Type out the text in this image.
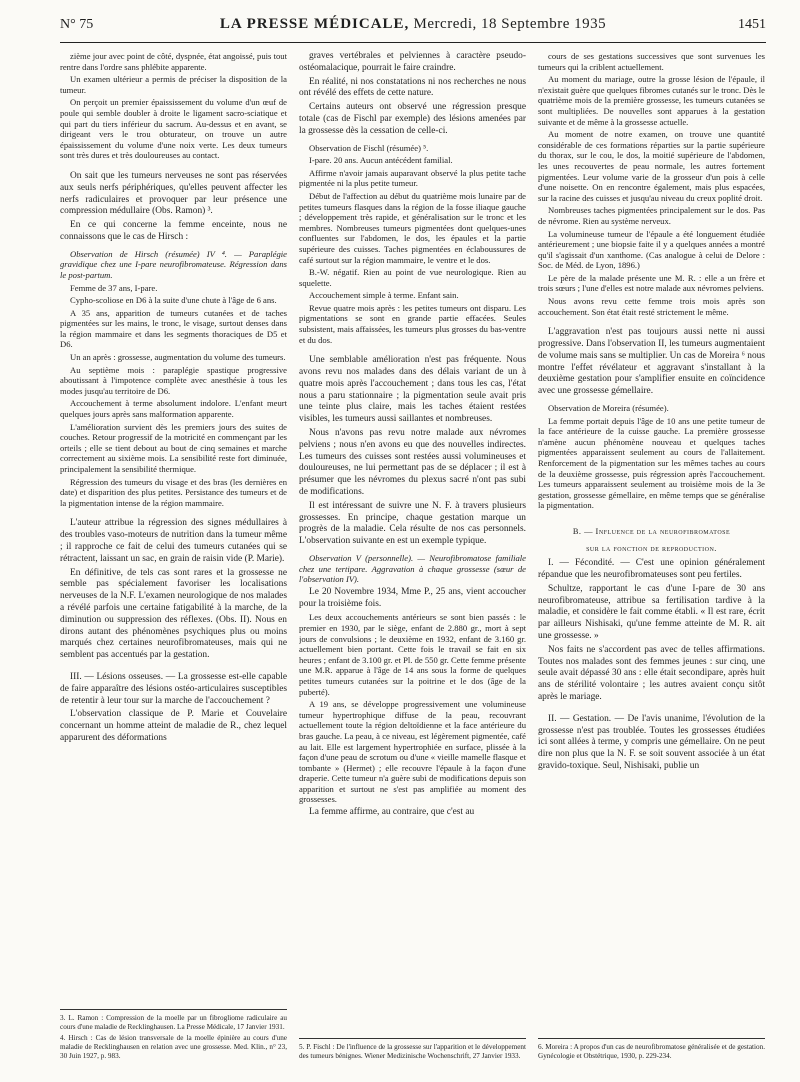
N° 75	LA PRESSE MÉDICALE, Mercredi, 18 Septembre 1935	1451

zième jour avec point de côté, dyspnée, état angoissé, puis tout rentre dans l'ordre sans phlébite apparente.

Un examen ultérieur a permis de préciser la disposition de la tumeur.

On perçoit un premier épaississement du volume d'un œuf de poule qui semble doubler à droite le ligament sacro-sciatique et qui part du tiers inférieur du sacrum. Au-dessus et en avant, se dirigeant vers le trou obturateur, on trouve un autre épaississement du volume d'une noix verte. Les deux tumeurs sont très dures et très douloureuses au contact.

On sait que les tumeurs nerveuses ne sont pas réservées aux seuls nerfs périphériques, qu'elles peuvent affecter les nerfs radiculaires et provoquer par leur présence une compression médullaire (Obs. Ramon) ³.

En ce qui concerne la femme enceinte, nous ne connaissons que le cas de Hirsch :

Observation de Hirsch (résumée) IV ⁴. — Paraplégie gravidique chez une I-pare neurofibromateuse. Régression dans le post-partum.

Femme de 37 ans, I-pare.

Cypho-scoliose en D6 à la suite d'une chute à l'âge de 6 ans.

A 35 ans, apparition de tumeurs cutanées et de taches pigmentées sur les mains, le tronc, le visage, surtout denses dans la région mammaire et dans les segments thoraciques de D5 et D6.

Un an après : grossesse, augmentation du volume des tumeurs.

Au septième mois : paraplégie spastique progressive aboutissant à l'impotence complète avec anesthésie à tous les modes jusqu'au territoire de D6.

Accouchement à terme absolument indolore. L'enfant meurt quelques jours après sans malformation apparente.

L'amélioration survient dès les premiers jours des suites de couches. Retour progressif de la motricité en commençant par les orteils ; elle se tient debout au bout de cinq semaines et marche correctement au sixième mois. La sensibilité reste fort diminuée, principalement la sensibilité thermique.

Régression des tumeurs du visage et des bras (les dernières en date) et disparition des plus petites. Persistance des tumeurs et de la pigmentation intense de la région mammaire.

L'auteur attribue la régression des signes médullaires à des troubles vaso-moteurs de nutrition dans la tumeur même ; il rapproche ce fait de celui des tumeurs cutanées qui se rétractent, laissant un sac, en grain de raisin vide (P. Marie).

En définitive, de tels cas sont rares et la grossesse ne semble pas spécialement favoriser les localisations nerveuses de la N.F. L'examen neurologique de nos malades a révélé parfois une certaine fatigabilité à la marche, de la diminution ou suppression des réflexes. (Obs. II). Nous en dirons autant des phénomènes psychiques plus ou moins marqués chez certaines neurofibromateuses, mais qui ne semblent pas accentués par la gestation.

III. — Lésions osseuses. — La grossesse est-elle capable de faire apparaître des lésions ostéo-articulaires susceptibles de retentir à leur tour sur la marche de l'accouchement ?

L'observation classique de P. Marie et Couvelaire concernant un homme atteint de maladie de R., chez lequel apparurent des déformations

3. L. Ramon : Compression de la moelle par un fibrogliome radiculaire au cours d'une maladie de Recklinghausen. La Presse Médicale, 17 Janvier 1931.

4. Hirsch : Cas de lésion transversale de la moelle épinière au cours d'une maladie de Recklinghausen en relation avec une grossesse. Med. Klin., n° 23, 30 Juin 1927, p. 983.

graves vertébrales et pelviennes à caractère pseudo-ostéomalacique, pourrait le faire craindre.

En réalité, ni nos constatations ni nos recherches ne nous ont révélé des effets de cette nature.

Certains auteurs ont observé une régression presque totale (cas de Fischl par exemple) des lésions amenées par la grossesse dès la cessation de celle-ci.

Observation de Fischl (résumée) ⁵.

I-pare. 20 ans. Aucun antécédent familial.

Affirme n'avoir jamais auparavant observé la plus petite tache pigmentée ni la plus petite tumeur.

Début de l'affection au début du quatrième mois lunaire par de petites tumeurs flasques dans la région de la fosse iliaque gauche ; développement très rapide, et généralisation sur le tronc et les membres. Nombreuses tumeurs pigmentées dont quelques-unes confluentes sur l'abdomen, le dos, les épaules et la partie supérieure des cuisses. Taches pigmentées en éclaboussures de café surtout sur la région mammaire, le ventre et le dos.

B.-W. négatif. Rien au point de vue neurologique. Rien au squelette.

Accouchement simple à terme. Enfant sain.

Revue quatre mois après : les petites tumeurs ont disparu. Les pigmentations se sont en grande partie effacées. Seules subsistent, mais affaissées, les tumeurs plus grosses du bas-ventre et du dos.

Une semblable amélioration n'est pas fréquente. Nous avons revu nos malades dans des délais variant de un à quatre mois après l'accouchement ; dans tous les cas, l'état nous a paru stationnaire ; la pigmentation seule avait pris une teinte plus claire, mais les taches étaient restées visibles, les tumeurs aussi saillantes et nombreuses.

Nous n'avons pas revu notre malade aux névromes pelviens ; nous n'en avons eu que des nouvelles indirectes. Les tumeurs des cuisses sont restées aussi volumineuses et douloureuses, ne lui permettant pas de se déplacer ; il est à présumer que les névromes du plexus sacré n'ont pas subi de modifications.

Il est intéressant de suivre une N. F. à travers plusieurs grossesses. En principe, chaque gestation marque un progrès de la maladie. Cela résulte de nos cas personnels. L'observation suivante en est un exemple typique.

Observation V (personnelle). — Neurofibromatose familiale chez une tertipare. Aggravation à chaque grossesse (sœur de l'observation IV).

Le 20 Novembre 1934, Mme P., 25 ans, vient accoucher pour la troisième fois.

Les deux accouchements antérieurs se sont bien passés : le premier en 1930, par le siège, enfant de 2.880 gr., mort à sept jours de convulsions ; le deuxième en 1932, enfant de 3.160 gr. actuellement bien portant. Cette fois le travail se fait en six heures ; enfant de 3.100 gr. et Pl. de 550 gr. Cette femme présente une M.R. apparue à l'âge de 14 ans sous la forme de quelques petites tumeurs cutanées sur la poitrine et le dos (âge de la puberté).

A 19 ans, se développe progressivement une volumineuse tumeur hypertrophique diffuse de la peau, recouvrant actuellement toute la région deltoïdienne et la face antérieure du bras gauche. La peau, à ce niveau, est légèrement pigmentée, café au lait. Elle est largement hypertrophiée en surface, plissée à la façon d'une peau de scrotum ou d'une « vieille mamelle flasque et tombante » (Hermet) ; elle recouvre l'épaule à la façon d'une draperie. Cette tumeur n'a guère subi de modifications depuis son apparition et surtout ne s'est pas amplifiée au moment des grossesses.

La femme affirme, au contraire, que c'est au

5. P. Fischl : De l'influence de la grossesse sur l'apparition et le développement des tumeurs bénignes. Wiener Medizinische Wochenschrift, 27 Janvier 1933.

cours de ses gestations successives que sont survenues les tumeurs qui la criblent actuellement.

Au moment du mariage, outre la grosse lésion de l'épaule, il n'existait guère que quelques fibromes cutanés sur le tronc. Dès le quatrième mois de la première grossesse, les tumeurs cutanées se sont multipliées. De nouvelles sont apparues à la gestation suivante et de même à la grossesse actuelle.

Au moment de notre examen, on trouve une quantité considérable de ces formations réparties sur la partie supérieure du thorax, sur le cou, le dos, la moitié supérieure de l'abdomen, les unes recouvertes de peau normale, les autres fortement pigmentées. Leur volume varie de la grosseur d'un pois à celle d'une noisette. On en rencontre également, mais plus espacées, sur la racine des cuisses et jusqu'au niveau du creux poplité droit.

Nombreuses taches pigmentées principalement sur le dos. Pas de névrome. Rien au système nerveux.

La volumineuse tumeur de l'épaule a été longuement étudiée antérieurement ; une biopsie faite il y a quelques années a montré qu'il s'agissait d'un xanthome. (Cas analogue à celui de Delore : Soc. de Méd. de Lyon, 1896.)

Le père de la malade présente une M. R. : elle a un frère et trois sœurs ; l'une d'elles est notre malade aux névromes pelviens.

Nous avons revu cette femme trois mois après son accouchement. Son état était resté strictement le même.

L'aggravation n'est pas toujours aussi nette ni aussi progressive. Dans l'observation II, les tumeurs augmentaient de volume mais sans se multiplier. Un cas de Moreira ⁶ nous montre l'effet révélateur et aggravant s'installant à la deuxième gestation pour s'amplifier ensuite en coïncidence avec une grossesse gémellaire.

Observation de Moreira (résumée).

La femme portait depuis l'âge de 10 ans une petite tumeur de la face antérieure de la cuisse gauche. La première grossesse n'amène aucun phénomène nouveau et quelques taches pigmentées apparaissent seulement au cours de l'allaitement. Renforcement de la pigmentation sur les mêmes taches au cours de la deuxième grossesse, puis régression après l'accouchement. Les tumeurs apparaissent seulement au troisième mois de la 3e gestation, grossesse gémellaire, en même temps que se généralise la pigmentation.

B. — Influence de la neurofibromatose

sur la fonction de reproduction.

I. — Fécondité. — C'est une opinion généralement répandue que les neurofibromateuses sont peu fertiles.

Schultze, rapportant le cas d'une I-pare de 30 ans neurofibromateuse, attribue sa fertilisation tardive à la maladie, et considère le fait comme établi. « Il est rare, écrit par ailleurs Nishisaki, qu'une femme atteinte de M. R. ait une grossesse. »

Nos faits ne s'accordent pas avec de telles affirmations. Toutes nos malades sont des femmes jeunes : sur cinq, une seule avait dépassé 30 ans : elle était secondipare, après huit ans de stérilité volontaire ; les autres avaient conçu sitôt après le mariage.

II. — Gestation. — De l'avis unanime, l'évolution de la grossesse n'est pas troublée. Toutes les grossesses étudiées ici sont allées à terme, y compris une gémellaire. On ne peut dire non plus que la N. F. se soit souvent associée à un état gravido-toxique. Seul, Nishisaki, publie un

6. Moreira : A propos d'un cas de neurofibromatose généralisée et de gestation. Gynécologie et Obstétrique, 1930, p. 229-234.
